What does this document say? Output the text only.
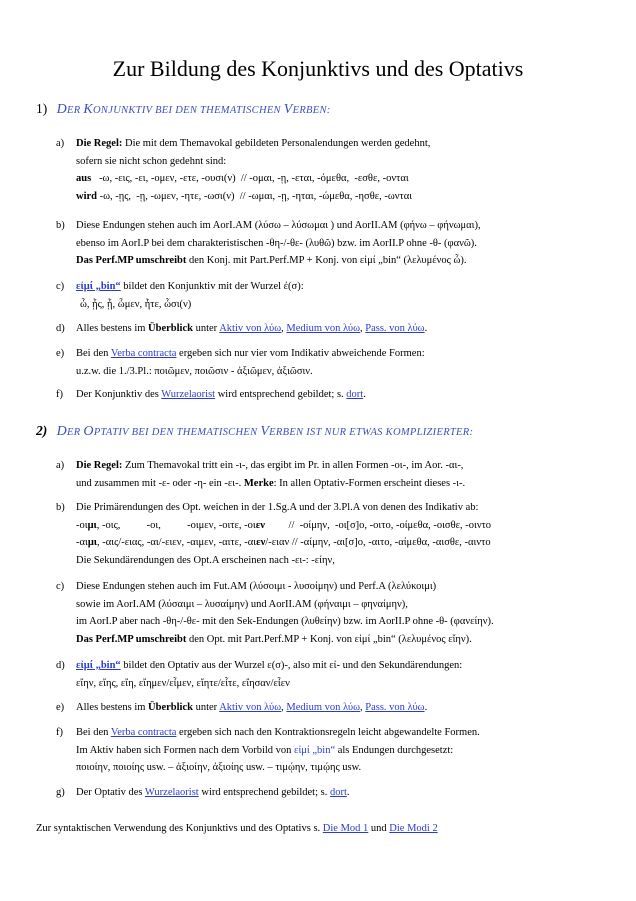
Zur Bildung des Konjunktivs und des Optativs
1) DER KONJUNKTIV BEI DEN THEMATISCHEN VERBEN:
a) Die Regel: Die mit dem Themavokal gebildeten Personalendungen werden gedehnt,
sofern sie nicht schon gedehnt sind:
aus   -ω, -εις, -ει, -ομεν, -ετε, -ουσι(ν)  // -ομαι, -ῃ, -εται, -όμεθα,  -εσθε, -ονται
wird -ω, -ῃς,  -ῃ, -ωμεν, -ητε, -ωσι(ν)  // -ωμαι, -ῃ, -ηται, -ώμεθα, -ησθε, -ωνται
b) Diese Endungen stehen auch im AorI.AM (λύσω – λύσωμαι ) und AorII.AM (φήνω – φήνωμαι),
ebenso im AorI.P bei dem charakteristischen -θη-/-θε- (λυθῶ) bzw. im AorII.P ohne -θ- (φανῶ).
Das Perf.MP umschreibt den Konj. mit Part.Perf.MP + Konj. von εἰμί „bin“ (λελυμένος ὦ).
c) εἰμί „bin“ bildet den Konjunktiv mit der Wurzel ἐ(σ):
ὦ, ᾖς, ᾖ, ὦμεν, ἦτε, ὦσι(ν)
d) Alles bestens im Überblick unter Aktiv von λύω, Medium von λύω, Pass. von λύω.
e) Bei den Verba contracta ergeben sich nur vier vom Indikativ abweichende Formen:
u.z.w. die 1./3.Pl.: ποιῶμεν, ποιῶσιν - ἀξιῶμεν, ἀξιῶσιν.
f) Der Konjunktiv des Wurzelaorist wird entsprechend gebildet; s. dort.
2) DER OPTATIV BEI DEN THEMATISCHEN VERBEN IST NUR ETWAS KOMPLIZIERTER:
a) Die Regel: Zum Themavokal tritt ein -ι-, das ergibt im Pr. in allen Formen -οι-, im Aor. -αι-,
und zusammen mit -ε- oder -η- ein -ει-. Merke: In allen Optativ-Formen erscheint dieses -ι-.
b) Die Primärendungen des Opt. weichen in der 1.Sg.A und der 3.Pl.A von denen des Indikativ ab:
-οιμι, -οις,          -οι,          -οιμεν, -οιτε, -οιεν         //  -οίμην,  -οι[σ]ο, -οιτο, -οίμεθα, -οισθε, -οιντο
-αιμι, -αις/-ειας, -αι/-ειεν, -αιμεν, -αιτε, -αιεν/-ειαν // -αίμην, -αι[σ]ο, -αιτο, -αίμεθα, -αισθε, -αιντο
Die Sekundärendungen des Opt.A erscheinen nach -ει-: -είην,
c) Diese Endungen stehen auch im Fut.AM (λύσοιμι - λυσοίμην) und Perf.A (λελύκοιμι)
sowie im AorI.AM (λύσαιμι – λυσαίμην) und AorII.AM (φήναιμι – φηναίμην),
im AorI.P aber nach -θη-/-θε- mit den Sek-Endungen (λυθείην) bzw. im AorII.P ohne -θ- (φανείην).
Das Perf.MP umschreibt den Opt. mit Part.Perf.MP + Konj. von εἰμί „bin“ (λελυμένος εἴην).
d) εἰμί „bin“ bildet den Optativ aus der Wurzel ε(σ)-, also mit εἰ- und den Sekundärendungen:
εἴην, εἴης, εἴη, εἴημεν/εἶμεν, εἴητε/εἶτε, εἴησαν/εἶεν
e) Alles bestens im Überblick unter Aktiv von λύω, Medium von λύω, Pass. von λύω.
f) Bei den Verba contracta ergeben sich nach den Kontraktionsregeln leicht abgewandelte Formen.
Im Aktiv haben sich Formen nach dem Vorbild von εἰμί „bin“ als Endungen durchgesetzt:
ποιοίην, ποιοίης usw. – ἀξιοίην, ἀξιοίης usw. – τιμῴην, τιμῴης usw.
g) Der Optativ des Wurzelaorist wird entsprechend gebildet; s. dort.
Zur syntaktischen Verwendung des Konjunktivs und des Optativs s. Die Mod 1 und Die Modi 2
